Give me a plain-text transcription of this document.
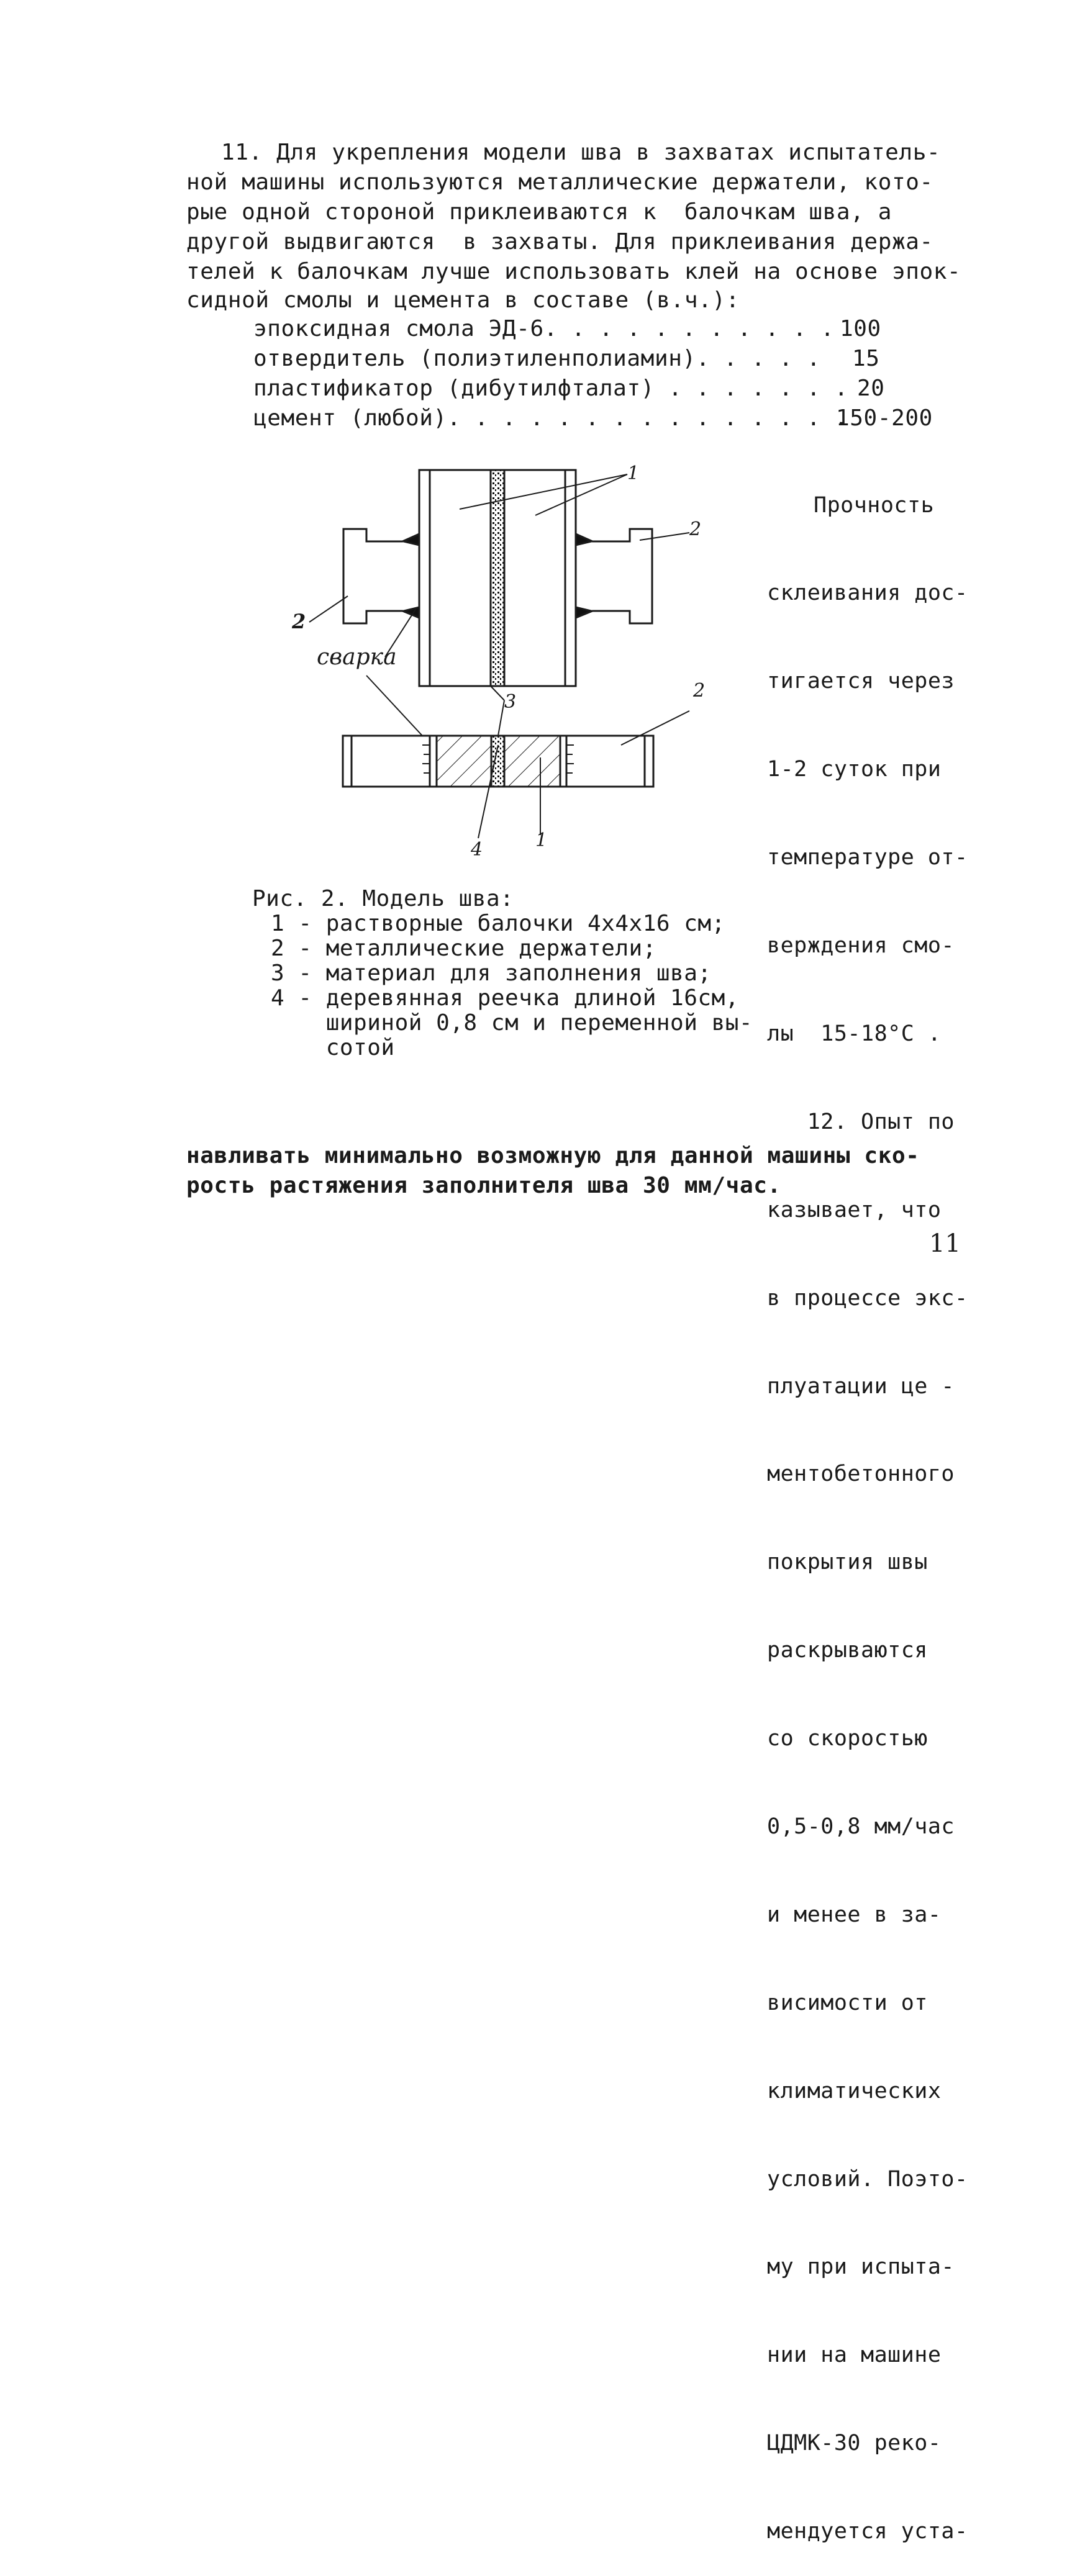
11. Для укрепления модели шва в захватах испытатель-
ной машины используются металлические держатели, кото-
рые одной стороной приклеиваются к  балочкам шва, а
другой выдвигаются  в захваты. Для приклеивания держа-
телей к балочкам лучше использовать клей на основе эпок-
сидной смолы и цемента в составе (в.ч.):
эпоксидная смола ЭД-6. . . . . . . . . . . 100
отвердитель (полиэтиленполиамин). . . . . 15
пластификатор (дибутилфталат) . . . . . . . 20
цемент (любой). . . . . . . . . . . . . . .
150-200

Прочность

склеивания дос-

тигается через

1-2 суток при

температуре от-

верждения смо-

лы  15-18°С .

12. Опыт по

казывает, что

в процессе экс-

плуатации це -

ментобетонного

покрытия швы

раскрываются

со скоростью

0,5-0,8 мм/час

и менее в за-

висимости от

климатических

условий. Поэто-

му при испыта-

нии на машине

ЦДМК-30 реко-

мендуется уста-

1
2
2
сварка
3
2
4	1
Рис. 2. Модель шва:
1 - растворные балочки 4х4х16 см;
2 - металлические держатели;
3 - материал для заполнения шва;
4 - деревянная реечка длиной 16см,
шириной 0,8 см и переменной вы-
сотой
навливать минимально возможную для данной машины ско-
рость растяжения заполнителя шва 30 мм/час.
11
